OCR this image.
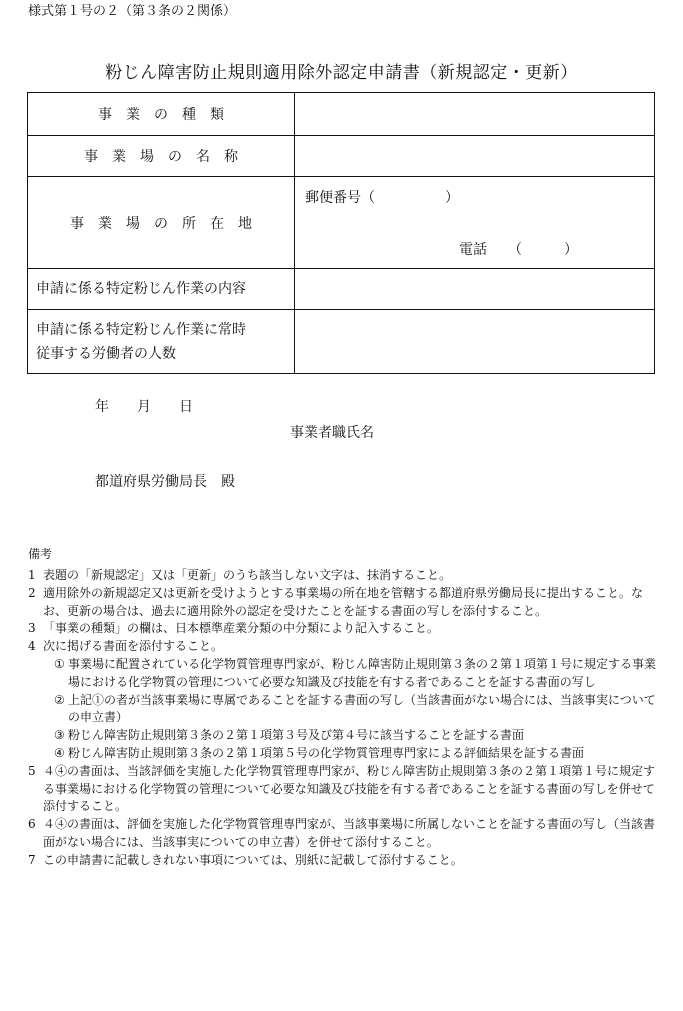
様式第１号の２（第３条の２関係）
粉じん障害防止規則適用除外認定申請書（新規認定・更新）
事　業　の　種　類	
事　業　場　の　名　称	
事　業　場　の　所　在　地	郵便番号（　　　　　）
電話　　（　　　）

申請に係る特定粉じん作業の内容	

申請に係る特定粉じん作業に常時
従事する労働者の人数	

年　　月　　日
事業者職氏名
都道府県労働局長　殿
備考
1 表題の「新規認定」又は「更新」のうち該当しない文字は、抹消すること。
2 適用除外の新規認定又は更新を受けようとする事業場の所在地を管轄する都道府県労働局長に提出すること。なお、更新の場合は、過去に適用除外の認定を受けたことを証する書面の写しを添付すること。
3 「事業の種類」の欄は、日本標準産業分類の中分類により記入すること。
4 次に掲げる書面を添付すること。
① 事業場に配置されている化学物質管理専門家が、粉じん障害防止規則第３条の２第１項第１号に規定する事業場における化学物質の管理について必要な知識及び技能を有する者であることを証する書面の写し
② 上記①の者が当該事業場に専属であることを証する書面の写し（当該書面がない場合には、当該事実についての申立書）
③ 粉じん障害防止規則第３条の２第１項第３号及び第４号に該当することを証する書面
④ 粉じん障害防止規則第３条の２第１項第５号の化学物質管理専門家による評価結果を証する書面
5 ４④の書面は、当該評価を実施した化学物質管理専門家が、粉じん障害防止規則第３条の２第１項第１号に規定する事業場における化学物質の管理について必要な知識及び技能を有する者であることを証する書面の写しを併せて添付すること。
6 ４④の書面は、評価を実施した化学物質管理専門家が、当該事業場に所属しないことを証する書面の写し（当該書面がない場合には、当該事実についての申立書）を併せて添付すること。
7 この申請書に記載しきれない事項については、別紙に記載して添付すること。
